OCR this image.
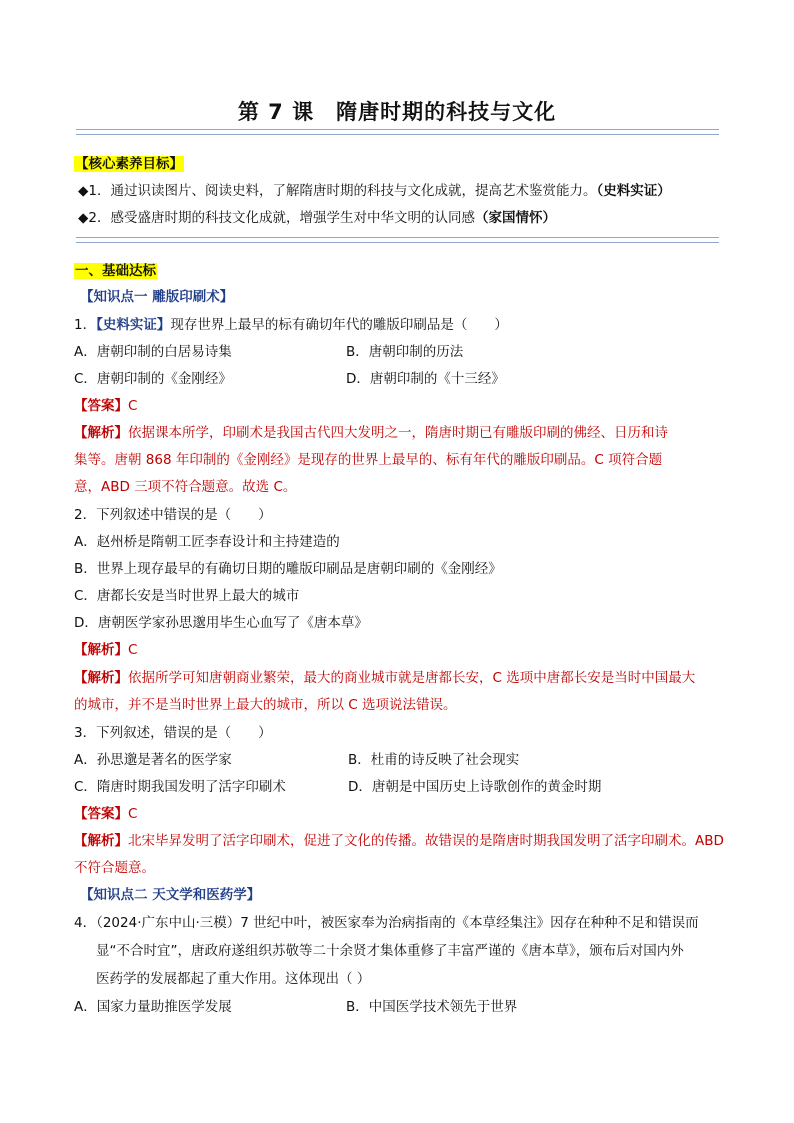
第 7 课　隋唐时期的科技与文化
【核心素养目标】
◆1．通过识读图片、阅读史料，了解隋唐时期的科技与文化成就，提高艺术鉴赏能力。（史料实证）
◆2．感受盛唐时期的科技文化成就，增强学生对中华文明的认同感（家国情怀）
一、基础达标
【知识点一 雕版印刷术】
1．【史料实证】现存世界上最早的标有确切年代的雕版印刷品是（　　）
A．唐朝印制的白居易诗集	B．唐朝印制的历法
C．唐朝印制的《金刚经》	D．唐朝印制的《十三经》
【答案】C
【解析】依据课本所学，印刷术是我国古代四大发明之一，隋唐时期已有雕版印刷的佛经、日历和诗
集等。唐朝 868 年印制的《金刚经》是现存的世界上最早的、标有年代的雕版印刷品。C 项符合题
意，ABD 三项不符合题意。故选 C。
2．下列叙述中错误的是（　　）
A．赵州桥是隋朝工匠李春设计和主持建造的
B．世界上现存最早的有确切日期的雕版印刷品是唐朝印刷的《金刚经》
C．唐都长安是当时世界上最大的城市
D．唐朝医学家孙思邈用毕生心血写了《唐本草》
【解析】C
【解析】依据所学可知唐朝商业繁荣，最大的商业城市就是唐都长安，C 选项中唐都长安是当时中国最大
的城市，并不是当时世界上最大的城市，所以 C 选项说法错误。
3．下列叙述，错误的是（　　）
A．孙思邈是著名的医学家	B．杜甫的诗反映了社会现实
C．隋唐时期我国发明了活字印刷术	D．唐朝是中国历史上诗歌创作的黄金时期
【答案】C
【解析】北宋毕昇发明了活字印刷术，促进了文化的传播。故错误的是隋唐时期我国发明了活字印刷术。ABD
不符合题意。
【知识点二 天文学和医药学】
4．（2024·广东中山·三模）7 世纪中叶，被医家奉为治病指南的《本草经集注》因存在种种不足和错误而
显“不合时宜”，唐政府遂组织苏敬等二十余贤才集体重修了丰富严谨的《唐本草》，颁布后对国内外
医药学的发展都起了重大作用。这体现出（ ）
A．国家力量助推医学发展	B．中国医学技术领先于世界
